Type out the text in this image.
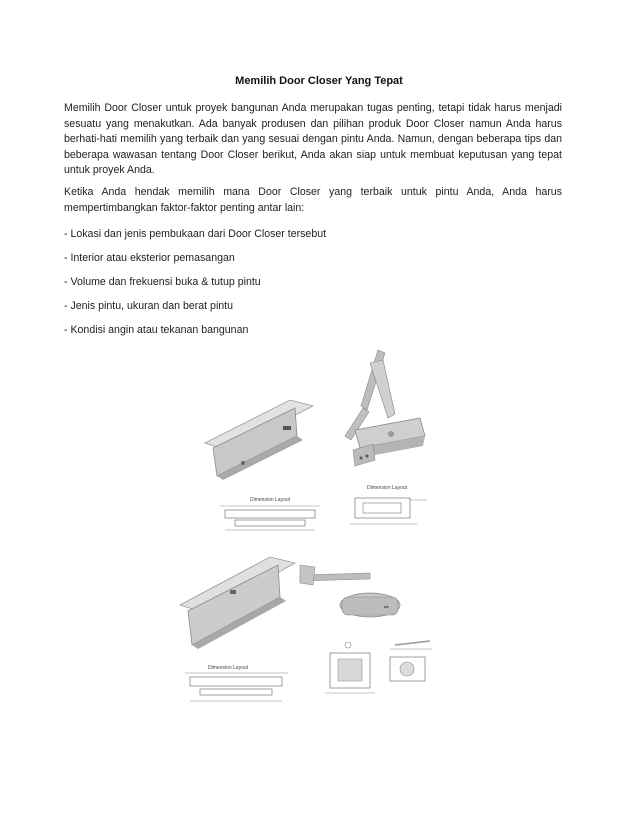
Memilih Door Closer Yang Tepat

Memilih Door Closer untuk proyek bangunan Anda merupakan tugas penting, tetapi tidak harus menjadi sesuatu yang menakutkan. Ada banyak produsen dan pilihan produk Door Closer namun Anda harus berhati-hati memilih yang terbaik dan yang sesuai dengan pintu Anda. Namun, dengan beberapa tips dan beberapa wawasan tentang Door Closer berikut, Anda akan siap untuk membuat keputusan yang tepat untuk proyek Anda.

Ketika Anda hendak memilih mana Door Closer yang terbaik untuk pintu Anda, Anda harus mempertimbangkan faktor-faktor penting antar lain:

- Lokasi dan jenis pembukaan dari Door Closer tersebut

- Interior atau eksterior pemasangan

- Volume dan frekuensi buka & tutup pintu

- Jenis pintu, ukuran dan berat pintu

- Kondisi angin atau tekanan bangunan

Dimension Layout
Dimension Layout
■■
Dimension Layout
